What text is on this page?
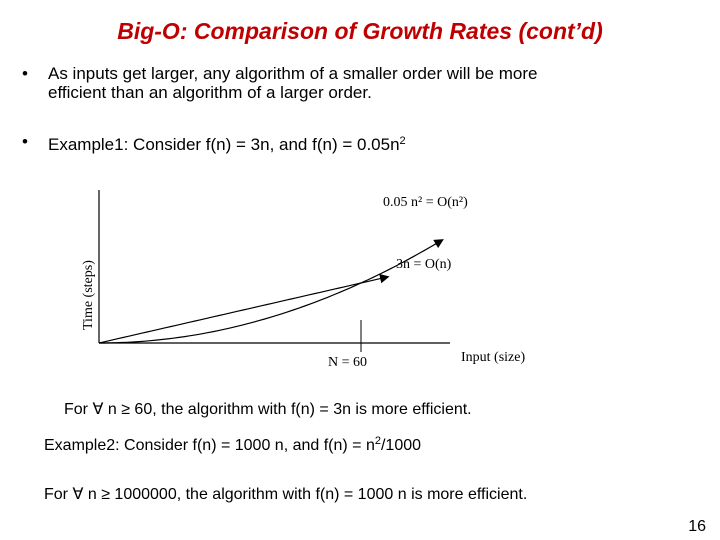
Big-O: Comparison of Growth Rates (cont’d)
• As inputs get larger, any algorithm of a smaller order will be more
efficient than an algorithm of a larger order.
• Example1: Consider f(n) = 3n, and $f(n) = 0.05n^2$
0.05 n² = O(n²)
3n = O(n)
N = 60	Input (size)
Time (steps)
For ∀ n ≥ 60, the algorithm with f(n) = 3n is more efficient.
Example2: Consider f(n) = 1000 n, and $f(n) = n^2/1000$
For ∀ n ≥ 1000000, the algorithm with f(n) = 1000 n is more efficient.
16
